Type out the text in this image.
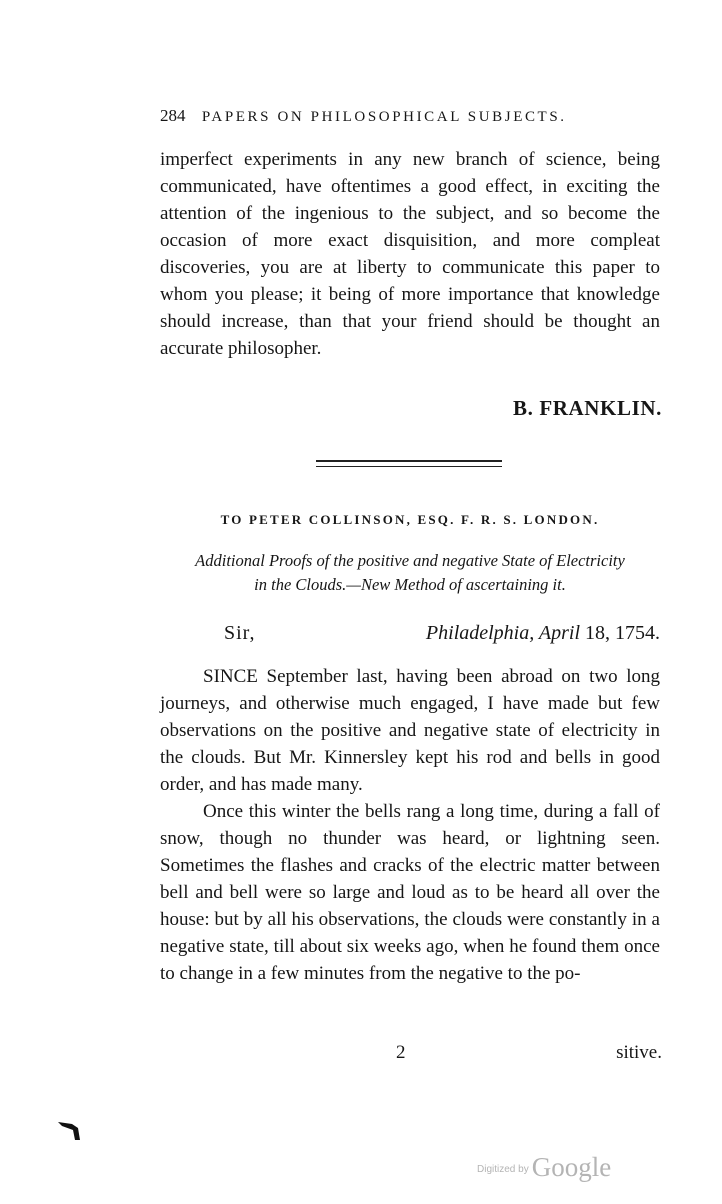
284 PAPERS ON PHILOSOPHICAL SUBJECTS.

imperfect experiments in any new branch of science, being communicated, have oftentimes a good effect, in exciting the attention of the ingenious to the subject, and so become the occasion of more exact disquisition, and more compleat discoveries, you are at liberty to communicate this paper to whom you please; it being of more importance that knowledge should increase, than that your friend should be thought an accurate philosopher.

B. FRANKLIN.
TO PETER COLLINSON, ESQ. F. R. S. LONDON.
Additional Proofs of the positive and negative State of Electricity
in the Clouds.—New Method of ascertaining it.
Sir,	Philadelphia, April 18, 1754.

SINCE September last, having been abroad on two long journeys, and otherwise much engaged, I have made but few observations on the positive and negative state of electricity in the clouds. But Mr. Kinnersley kept his rod and bells in good order, and has made many.

Once this winter the bells rang a long time, during a fall of snow, though no thunder was heard, or lightning seen. Sometimes the flashes and cracks of the electric matter between bell and bell were so large and loud as to be heard all over the house: but by all his observations, the clouds were constantly in a negative state, till about six weeks ago, when he found them once to change in a few minutes from the negative to the po-

2	sitive.
$^{Digitized by}$ Google
